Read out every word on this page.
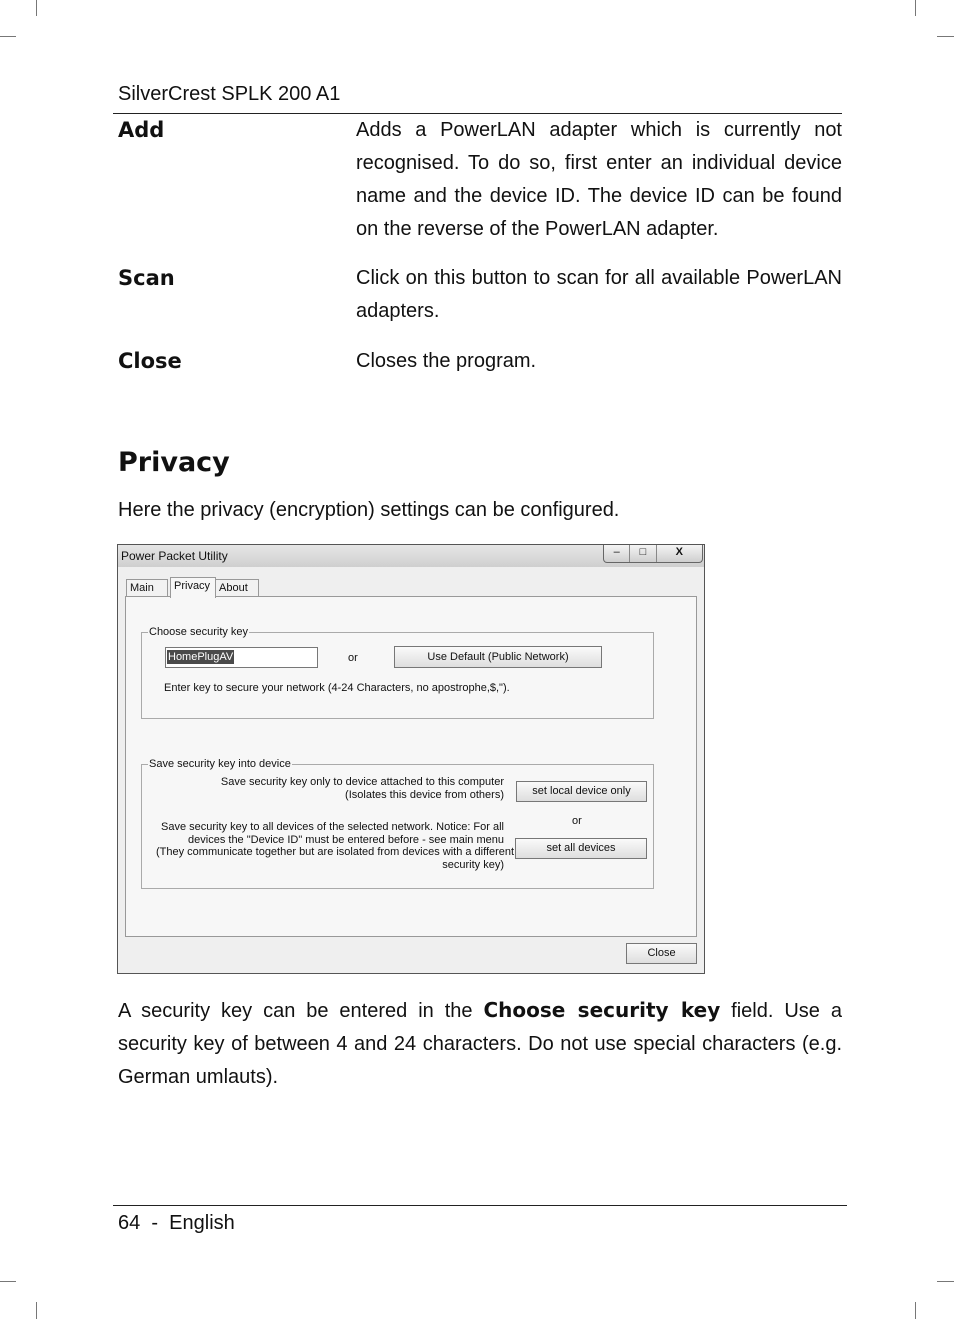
SilverCrest SPLK 200 A1
Add	Adds a PowerLAN adapter which is currently not recognised. To do so, first enter an individual device name and the device ID. The device ID can be found on the reverse of the PowerLAN adapter.
Scan	Click on this button to scan for all available PowerLAN adapters.
Close	Closes the program.
Privacy
Here the privacy (encryption) settings can be configured.
Power Packet Utility	–	□	X
Main	Privacy About
Choose security key
HomePlugAV	or	Use Default (Public Network)
Enter key to secure your network (4-24 Characters, no apostrophe,$,").
Save security key into device
Save security key only to device attached to this computer
(Isolates this device from others)	set local device only
or
Save security key to all devices of the selected network. Notice: For all
devices the "Device ID" must be entered before - see main menu
(They communicate together but are isolated from devices with a different
security key)
set all devices
Close
A security key can be entered in the Choose security key field. Use a security key of between 4 and 24 characters. Do not use special characters (e.g. German umlauts).
64 - English
